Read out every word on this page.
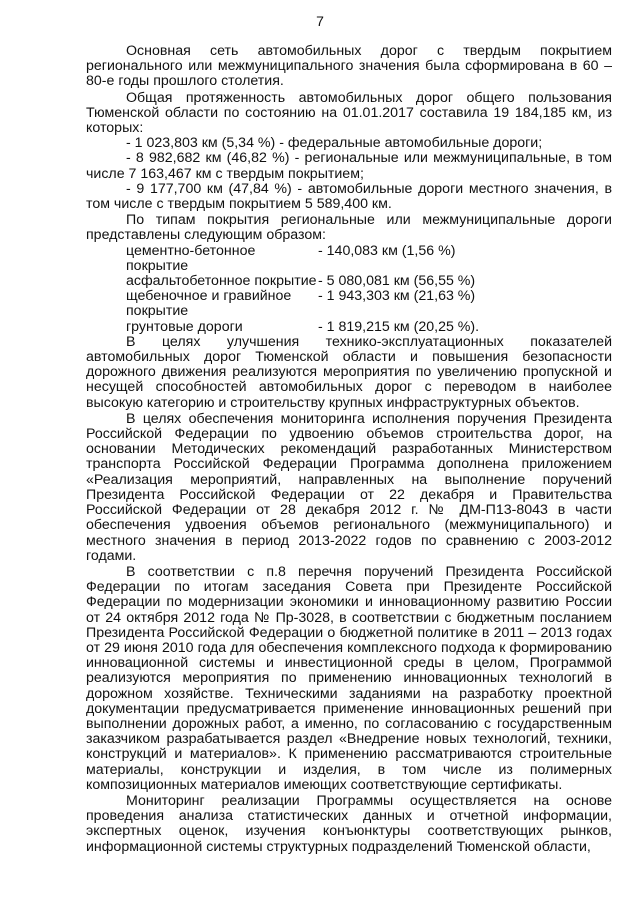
7

Основная сеть автомобильных дорог с твердым покрытием регионального или межмуниципального значения была сформирована в 60 – 80-е годы прошлого столетия.

Общая протяженность автомобильных дорог общего пользования Тюменской области по состоянию на 01.01.2017 составила 19 184,185 км, из которых:

- 1 023,803 км (5,34 %) - федеральные автомобильные дороги;

- 8 982,682 км (46,82 %) - региональные или межмуниципальные, в том числе 7 163,467 км с твердым покрытием;

- 9 177,700 км (47,84 %) - автомобильные дороги местного значения, в том числе с твердым покрытием 5 589,400 км.

По типам покрытия региональные или межмуниципальные дороги представлены следующим образом:

цементно-бетонное покрытие
- 140,083 км (1,56 %)
асфальтобетонное покрытие - 5 080,081 км (56,55 %)
щебеночное и гравийное покрытие
- 1 943,303 км (21,63 %)
грунтовые дороги	- 1 819,215 км (20,25 %).

В целях улучшения технико-эксплуатационных показателей автомобильных дорог Тюменской области и повышения безопасности дорожного движения реализуются мероприятия по увеличению пропускной и несущей способностей автомобильных дорог с переводом в наиболее высокую категорию и строительству крупных инфраструктурных объектов.

В целях обеспечения мониторинга исполнения поручения Президента Российской Федерации по удвоению объемов строительства дорог, на основании Методических рекомендаций разработанных Министерством транспорта Российской Федерации Программа дополнена приложением «Реализация мероприятий, направленных на выполнение поручений Президента Российской Федерации от 22 декабря и Правительства Российской Федерации от 28 декабря 2012 г. № ДМ-П13-8043 в части обеспечения удвоения объемов регионального (межмуниципального) и местного значения в период 2013-2022 годов по сравнению с 2003-2012 годами.

В соответствии с п.8 перечня поручений Президента Российской Федерации по итогам заседания Совета при Президенте Российской Федерации по модернизации экономики и инновационному развитию России от 24 октября 2012 года № Пр-3028, в соответствии с бюджетным посланием Президента Российской Федерации о бюджетной политике в 2011 – 2013 годах от 29 июня 2010 года для обеспечения комплексного подхода к формированию инновационной системы и инвестиционной среды в целом, Программой реализуются мероприятия по применению инновационных технологий в дорожном хозяйстве. Техническими заданиями на разработку проектной документации предусматривается применение инновационных решений при выполнении дорожных работ, а именно, по согласованию с государственным заказчиком разрабатывается раздел «Внедрение новых технологий, техники, конструкций и материалов». К применению рассматриваются строительные материалы, конструкции и изделия, в том числе из полимерных композиционных материалов имеющих соответствующие сертификаты.

Мониторинг реализации Программы осуществляется на основе проведения анализа статистических данных и отчетной информации, экспертных оценок, изучения конъюнктуры соответствующих рынков, информационной системы структурных подразделений Тюменской области,
